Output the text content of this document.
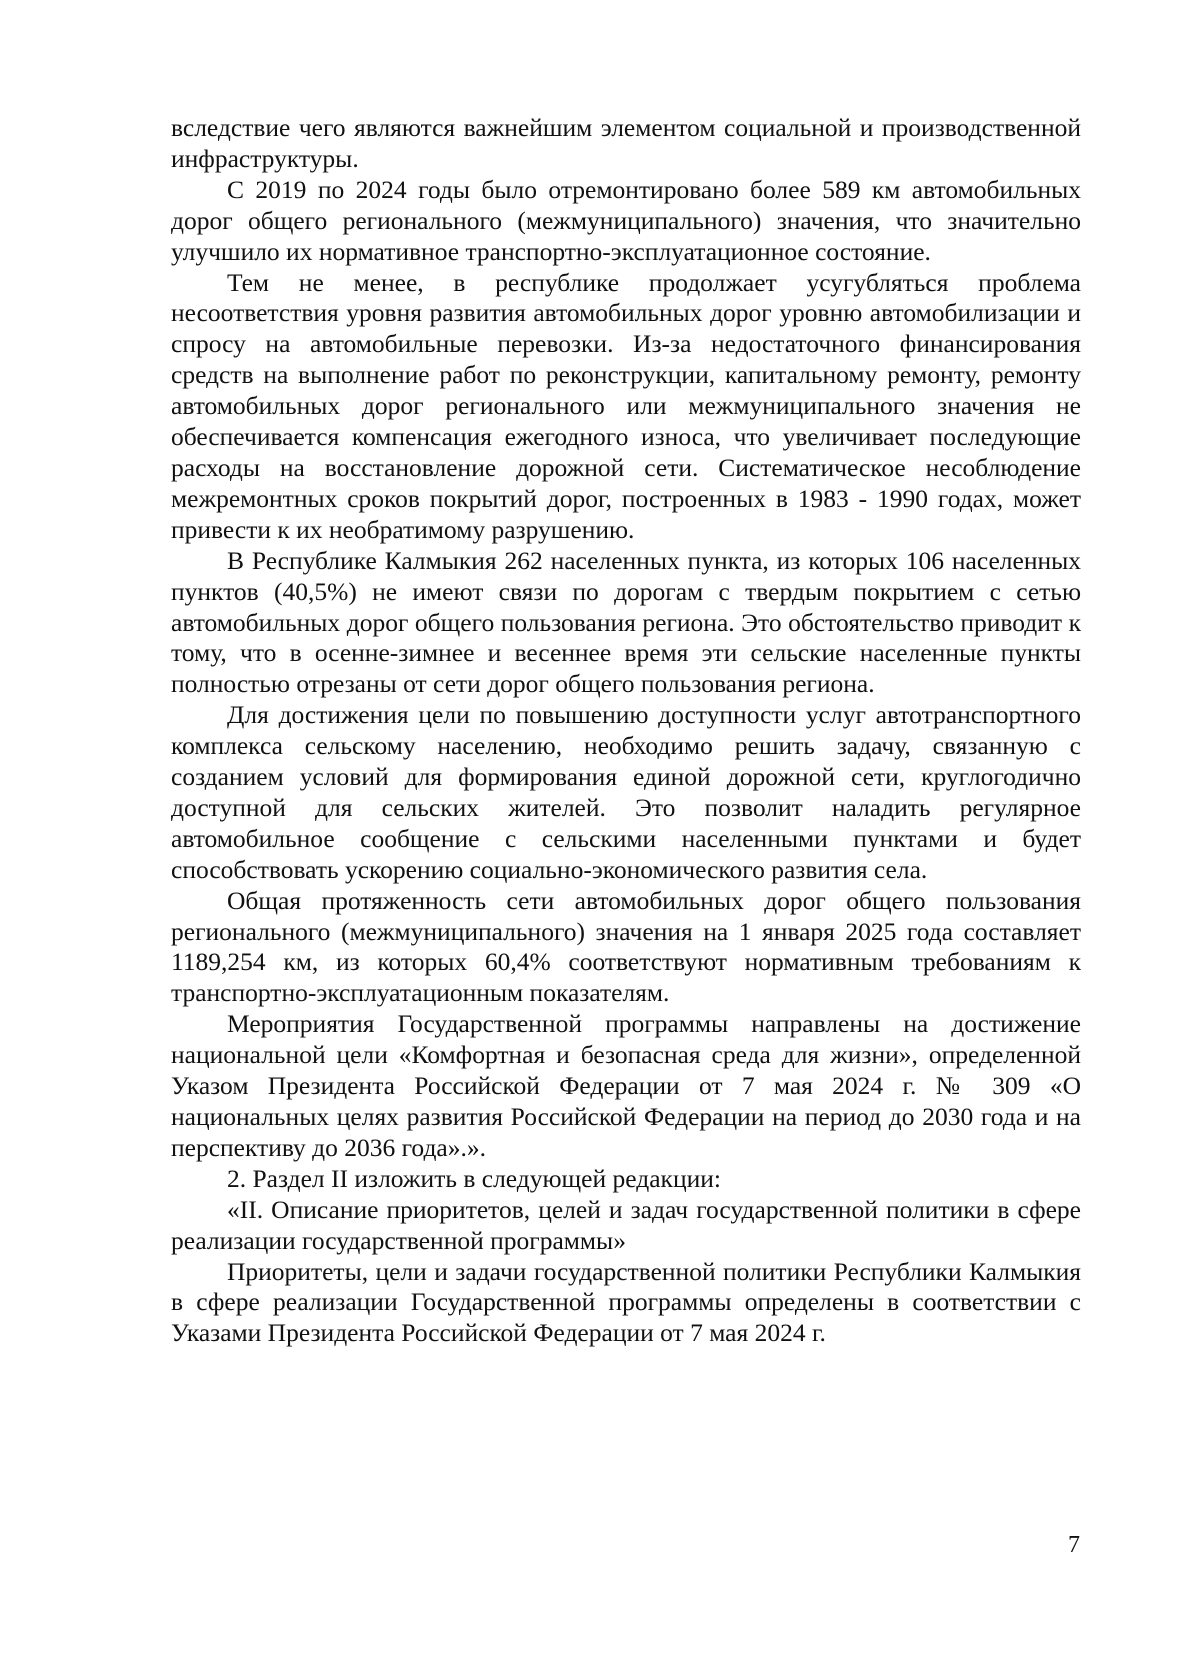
вследствие чего являются важнейшим элементом социальной и производственной инфраструктуры.

С 2019 по 2024 годы было отремонтировано более 589 км автомобильных дорог общего регионального (межмуниципального) значения, что значительно улучшило их нормативное транспортно-эксплуатационное состояние.

Тем не менее, в республике продолжает усугубляться проблема несоответствия уровня развития автомобильных дорог уровню автомобилизации и спросу на автомобильные перевозки. Из-за недостаточного финансирования средств на выполнение работ по реконструкции, капитальному ремонту, ремонту автомобильных дорог регионального или межмуниципального значения не обеспечивается компенсация ежегодного износа, что увеличивает последующие расходы на восстановление дорожной сети. Систематическое несоблюдение межремонтных сроков покрытий дорог, построенных в 1983 - 1990 годах, может привести к их необратимому разрушению.

В Республике Калмыкия 262 населенных пункта, из которых 106 населенных пунктов (40,5%) не имеют связи по дорогам с твердым покрытием с сетью автомобильных дорог общего пользования региона. Это обстоятельство приводит к тому, что в осенне-зимнее и весеннее время эти сельские населенные пункты полностью отрезаны от сети дорог общего пользования региона.

Для достижения цели по повышению доступности услуг автотранспортного комплекса сельскому населению, необходимо решить задачу, связанную с созданием условий для формирования единой дорожной сети, круглогодично доступной для сельских жителей. Это позволит наладить регулярное автомобильное сообщение с сельскими населенными пунктами и будет способствовать ускорению социально-экономического развития села.

Общая протяженность сети автомобильных дорог общего пользования регионального (межмуниципального) значения на 1 января 2025 года составляет 1189,254 км, из которых 60,4% соответствуют нормативным требованиям к транспортно-эксплуатационным показателям.

Мероприятия Государственной программы направлены на достижение национальной цели «Комфортная и безопасная среда для жизни», определенной Указом Президента Российской Федерации от 7 мая 2024 г. № 309 «О национальных целях развития Российской Федерации на период до 2030 года и на перспективу до 2036 года».».

2. Раздел II изложить в следующей редакции:

«II. Описание приоритетов, целей и задач государственной политики в сфере реализации государственной программы»

Приоритеты, цели и задачи государственной политики Республики Калмыкия в сфере реализации Государственной программы определены в соответствии с Указами Президента Российской Федерации от 7 мая 2024 г.

7
